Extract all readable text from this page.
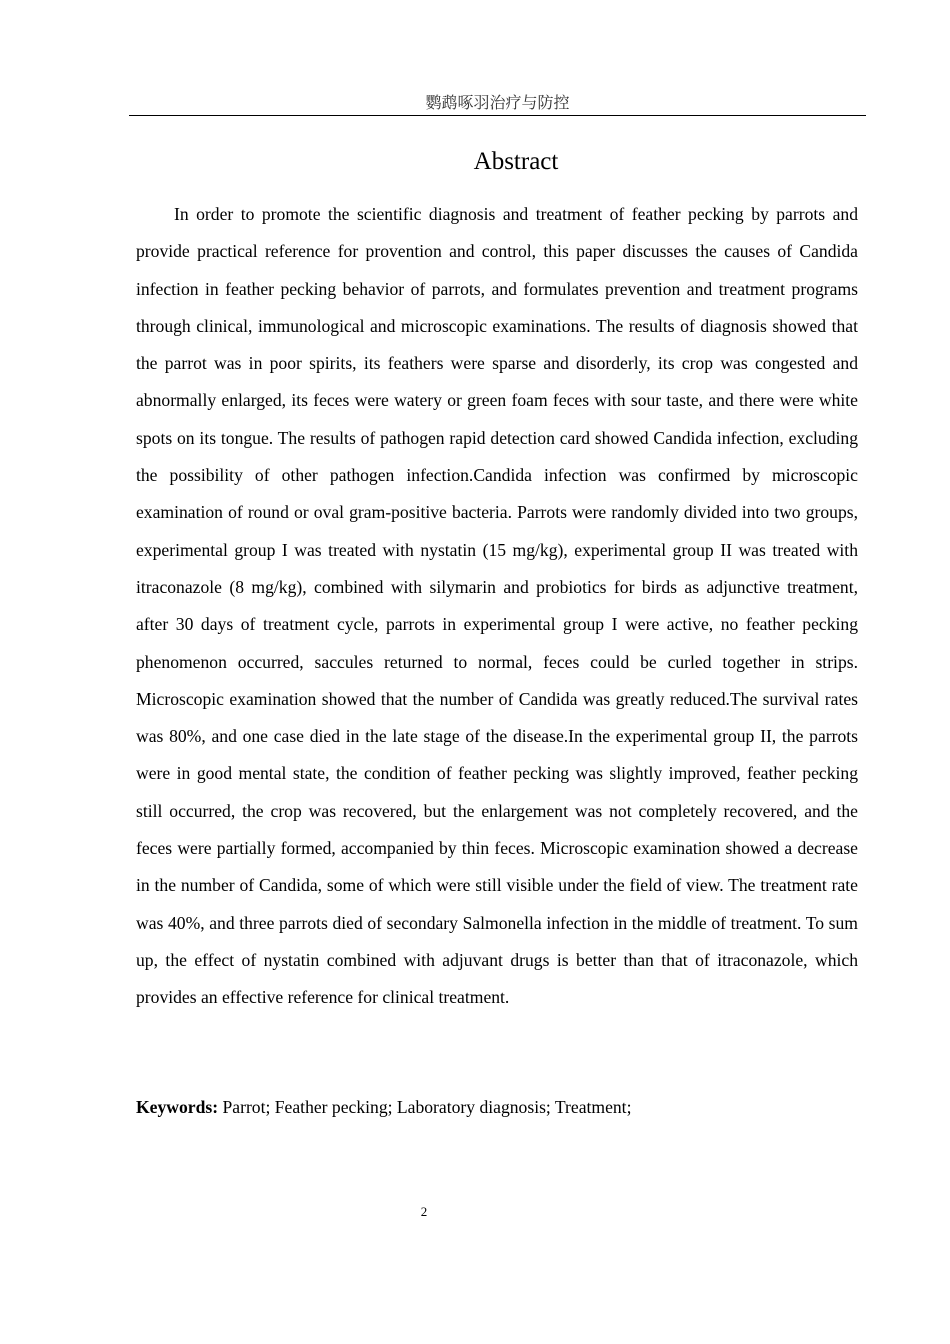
鹦鹉啄羽治疗与防控
Abstract

In order to promote the scientific diagnosis and treatment of feather pecking by parrots and provide practical reference for provention and control, this paper discusses the causes of Candida infection in feather pecking behavior of parrots, and formulates prevention and treatment programs through clinical, immunological and microscopic examinations. The results of diagnosis showed that the parrot was in poor spirits, its feathers were sparse and disorderly, its crop was congested and abnormally enlarged, its feces were watery or green foam feces with sour taste, and there were white spots on its tongue. The results of pathogen rapid detection card showed Candida infection, excluding the possibility of other pathogen infection.Candida infection was confirmed by microscopic examination of round or oval gram-positive bacteria. Parrots were randomly divided into two groups, experimental group I was treated with nystatin (15 mg/kg), experimental group II was treated with itraconazole (8 mg/kg), combined with silymarin and probiotics for birds as adjunctive treatment, after 30 days of treatment cycle, parrots in experimental group I were active, no feather pecking phenomenon occurred, saccules returned to normal, feces could be curled together in strips. Microscopic examination showed that the number of Candida was greatly reduced.The survival rates was 80%, and one case died in the late stage of the disease.In the experimental group II, the parrots were in good mental state, the condition of feather pecking was slightly improved, feather pecking still occurred, the crop was recovered, but the enlargement was not completely recovered, and the feces were partially formed, accompanied by thin feces. Microscopic examination showed a decrease in the number of Candida, some of which were still visible under the field of view. The treatment rate was 40%, and three parrots died of secondary Salmonella infection in the middle of treatment. To sum up, the effect of nystatin combined with adjuvant drugs is better than that of itraconazole, which provides an effective reference for clinical treatment.

Keywords: Parrot; Feather pecking; Laboratory diagnosis; Treatment;

2
